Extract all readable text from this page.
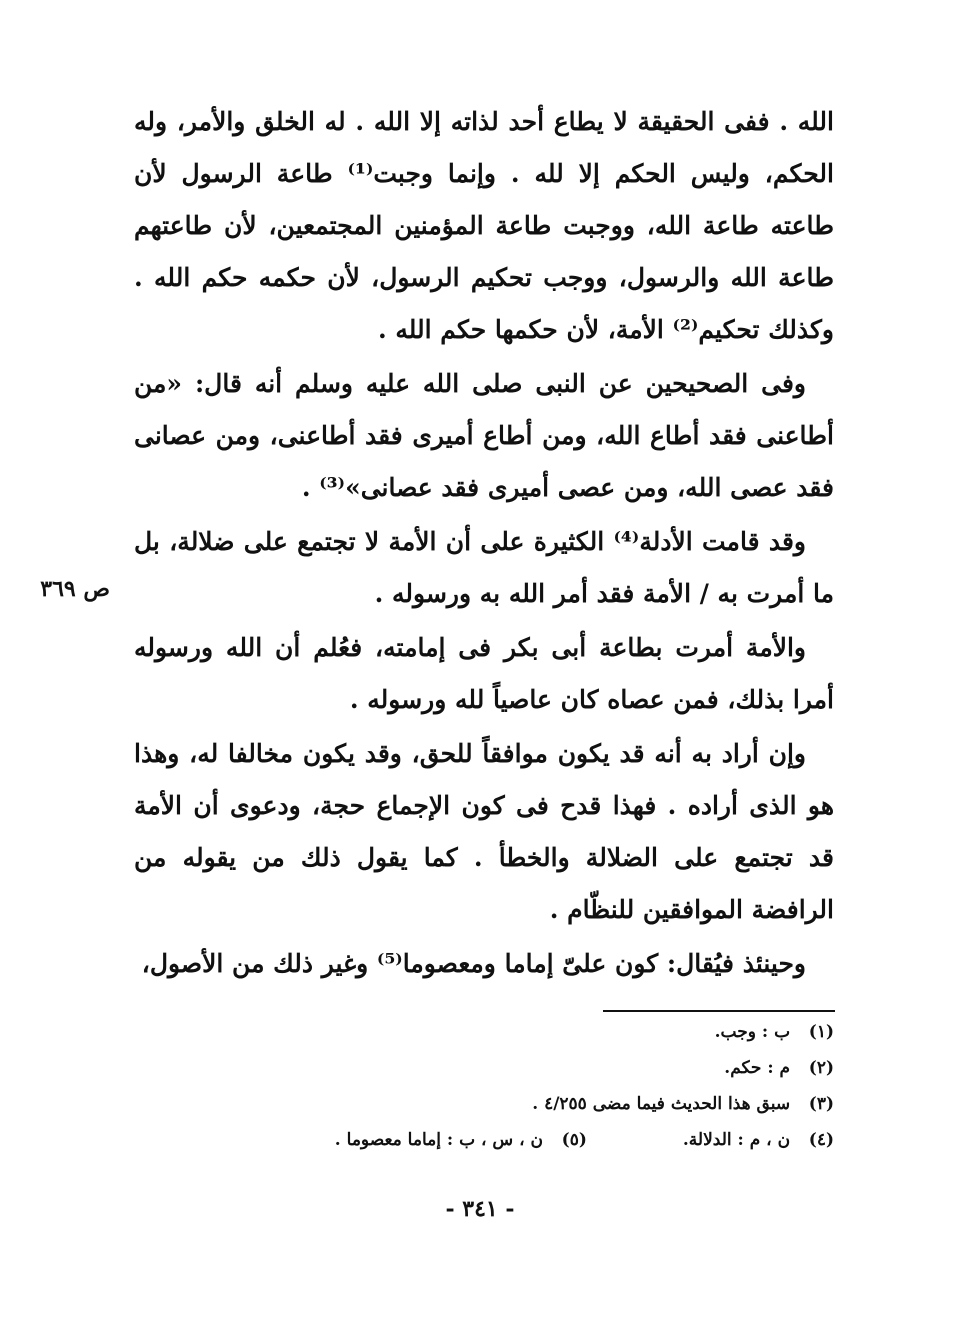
الله . ففى الحقيقة لا يطاع أحد لذاته إلا الله . له الخلق والأمر، وله الحكم، وليس الحكم إلا لله . وإنما وجبت⁽¹⁾ طاعة الرسول لأن طاعته طاعة الله، ووجبت طاعة المؤمنين المجتمعين، لأن طاعتهم طاعة الله والرسول، ووجب تحكيم الرسول، لأن حكمه حكم الله . وكذلك تحكيم⁽²⁾ الأمة، لأن حكمها حكم الله .

وفى الصحيحين عن النبى صلى الله عليه وسلم أنه قال: «من أطاعنى فقد أطاع الله، ومن أطاع أميرى فقد أطاعنى، ومن عصانى فقد عصى الله، ومن عصى أميرى فقد عصانى»⁽³⁾ .

وقد قامت الأدلة⁽⁴⁾ الكثيرة على أن الأمة لا تجتمع على ضلالة، بل ما أمرت به / الأمة فقد أمر الله به ورسوله .

والأمة أمرت بطاعة أبى بكر فى إمامته، فعُلم أن الله ورسوله أمرا بذلك، فمن عصاه كان عاصياً لله ورسوله .

وإن أراد به أنه قد يكون موافقاً للحق، وقد يكون مخالفا له، وهذا هو الذى أراده . فهذا قدح فى كون الإجماع حجة، ودعوى أن الأمة قد تجتمع على الضلالة والخطأ . كما يقول ذلك من يقوله من الرافضة الموافقين للنظّام .

وحينئذ فيُقال: كون علىّ إماما ومعصوما⁽⁵⁾ وغير ذلك من الأصول،

ص ٣٦٩
(١) ب : وجب.
(٢) م : حكم.
(٣) سبق هذا الحديث فيما مضى ٤/٢٥٥ .
(٤) ن ، م : الدلالة.
(٥) ن ، س ، ب : إماما معصوما .
- ٣٤١ -
